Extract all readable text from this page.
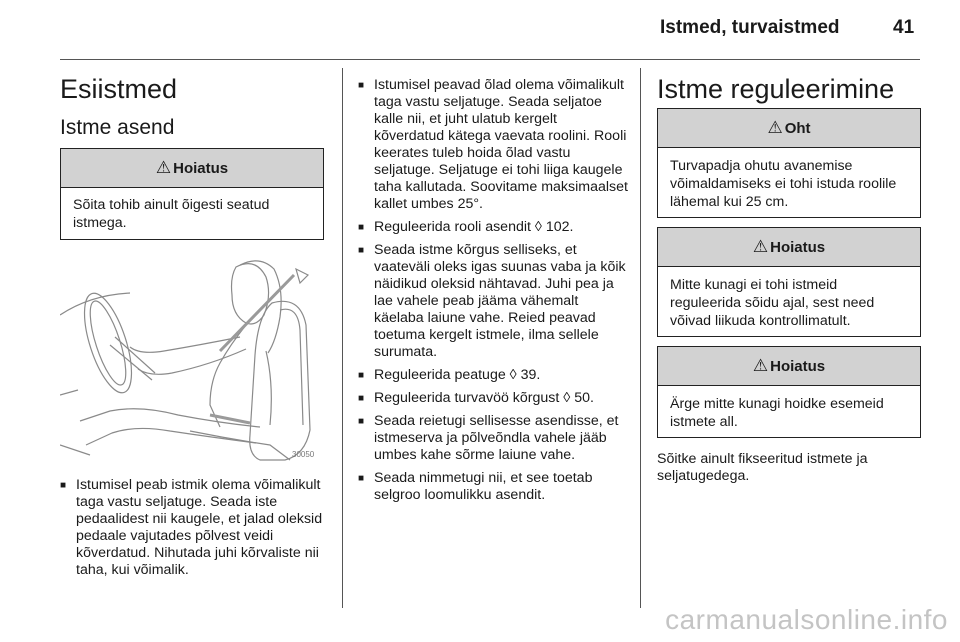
Istmed, turvaistmed	41
Esiistmed
Istme asend
⚠ Hoiatus
Sõita tohib ainult õigesti seatud istmega.
30050
■ Istumisel peab istmik olema võimalikult taga vastu seljatuge. Seada iste pedaalidest nii kaugele, et jalad oleksid pedaale vajutades põlvest veidi kõverdatud. Nihutada juhi kõrvaliste nii taha, kui võimalik.
■ Istumisel peavad õlad olema võimalikult taga vastu seljatuge. Seada seljatoe kalle nii, et juht ulatub kergelt kõverdatud kätega vaevata roolini. Rooli keerates tuleb hoida õlad vastu seljatuge. Seljatuge ei tohi liiga kaugele taha kallutada. Soovitame maksimaalset kallet umbes 25°.
■ Reguleerida rooli asendit ◊ 102.
■ Seada istme kõrgus selliseks, et vaateväli oleks igas suunas vaba ja kõik näidikud oleksid nähtavad. Juhi pea ja lae vahele peab jääma vähemalt käelaba laiune vahe. Reied peavad toetuma kergelt istmele, ilma sellele surumata.
■ Reguleerida peatuge ◊ 39.
■ Reguleerida turvavöö kõrgust ◊ 50.
■ Seada reietugi sellisesse asendisse, et istmeserva ja põlveõndla vahele jääb umbes kahe sõrme laiune vahe.
■ Seada nimmetugi nii, et see toetab selgroo loomulikku asendit.
Istme reguleerimine
⚠ Oht
Turvapadja ohutu avanemise võimaldamiseks ei tohi istuda roolile lähemal kui 25 cm.
⚠ Hoiatus
Mitte kunagi ei tohi istmeid reguleerida sõidu ajal, sest need võivad liikuda kontrollimatult.
⚠ Hoiatus
Ärge mitte kunagi hoidke esemeid istmete all.
Sõitke ainult fikseeritud istmete ja seljatugedega.
carmanualsonline.info
